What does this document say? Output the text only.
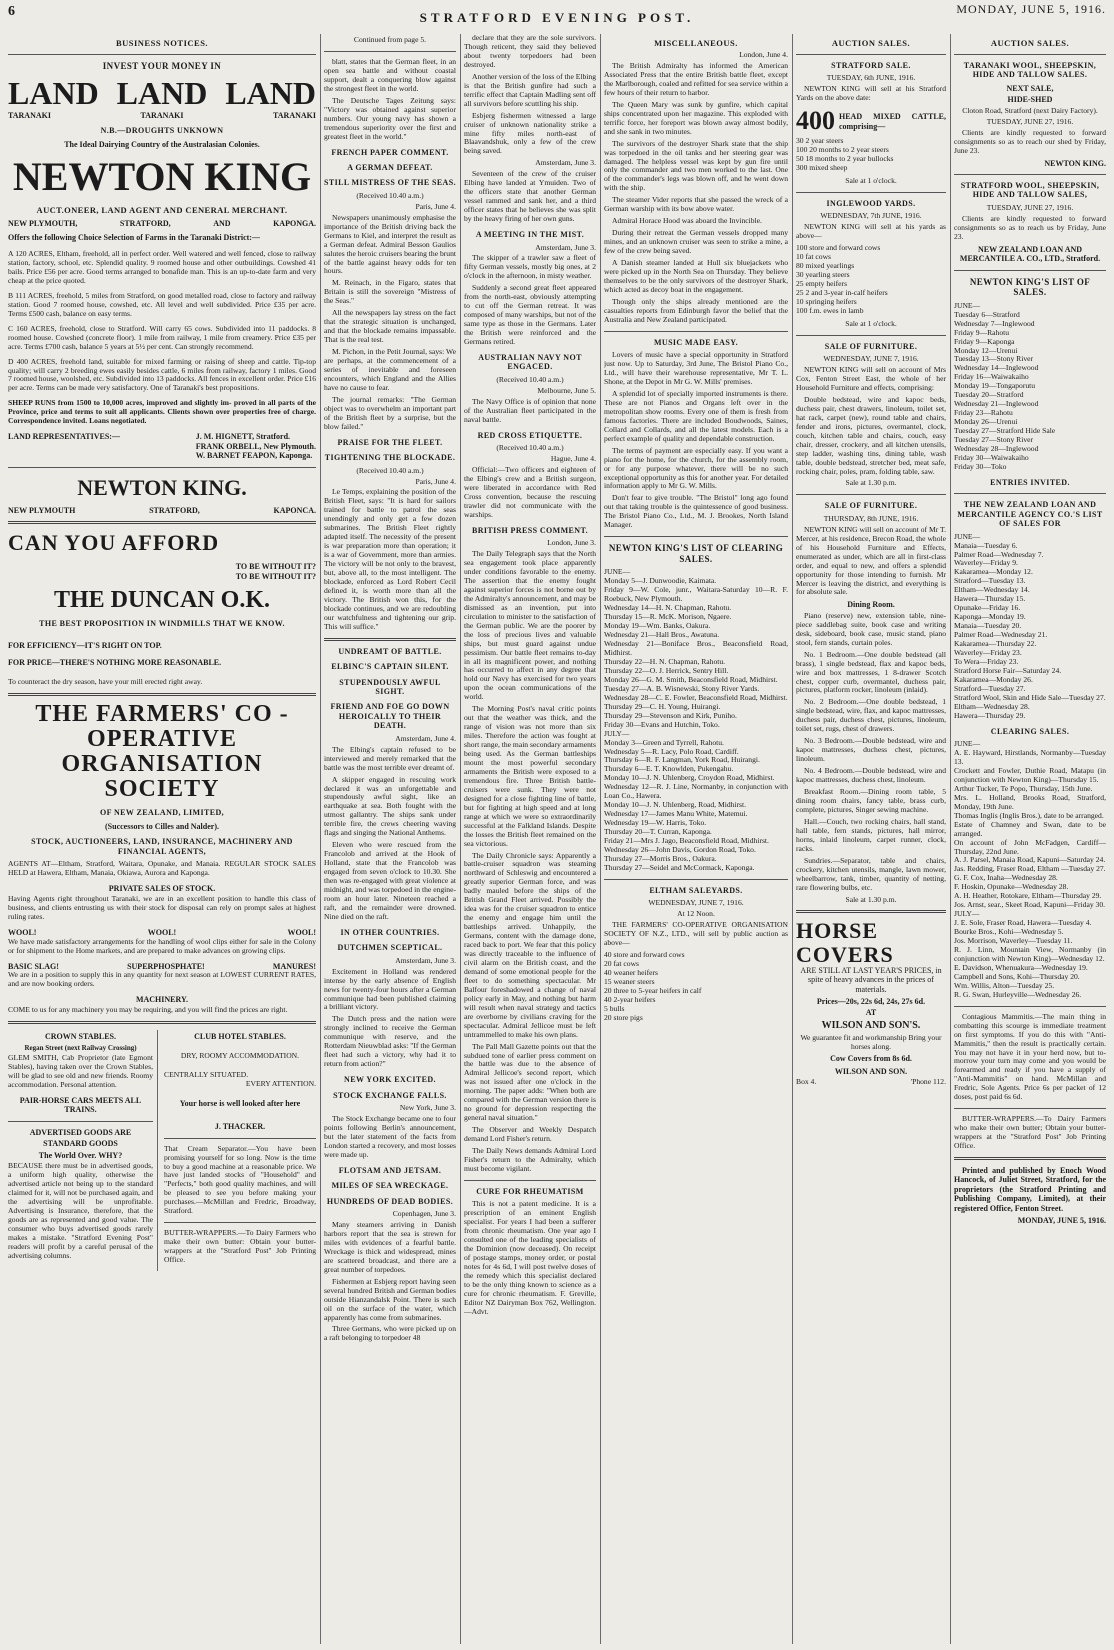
6	STRATFORD EVENING POST.
MONDAY, JUNE 5, 1916.
BUSINESS NOTICES.
INVEST YOUR MONEY IN
LAND LAND LAND
TARANAKI	TARANAKI	TARANAKI
N.B.—DROUGHTS UNKNOWN
The Ideal Dairying Country of the Australasian Colonies.
NEWTON KING
AUCT.ONEER, LAND AGENT AND CENERAL MERCHANT.
NEW PLYMOUTH,	STRATFORD,	AND	KAPONGA.
Offers the following Choice Selection of Farms in the Taranaki District:—

A 120 ACRES, Eltham, freehold, all in perfect order. Well watered and well fenced, close to railway station, factory, school, etc. Splendid quality. 9 roomed house and other outbuildings. Cowshed 41 bails. Price £56 per acre. Good terms arranged to bonafide man. This is an up-to-date farm and very cheap at the price quoted.

B 111 ACRES, freehold, 5 miles from Stratford, on good metalled road, close to factory and railway station. Good 7 roomed house, cowshed, etc. All level and well subdivided. Price £35 per acre. Terms £500 cash, balance on easy terms.

C 160 ACRES, freehold, close to Stratford. Will carry 65 cows. Subdivided into 11 paddocks. 8 roomed house. Cowshed (concrete floor). 1 mile from railway, 1 mile from creamery. Price £35 per acre. Terms £700 cash, balance 5 years at 5½ per cent. Can strongly recommend.

D 400 ACRES, freehold land, suitable for mixed farming or raising of sheep and cattle. Tip-top quality; will carry 2 breeding ewes easily besides cattle, 6 miles from railway, factory 1 miles. Good 7 roomed house, woolshed, etc. Subdivided into 13 paddocks. All fences in excellent order. Price £16 per acre. Terms can be made very satisfactory. One of Taranaki's best propositions.

SHEEP RUNS from 1500 to 10,000 acres, improved and slightly im- proved in all parts of the Province, price and terms to suit all applicants. Clients shown over properties free of charge. Correspondence invited. Loans negotiated.

LAND REPRESENTATIVES:—	J. M. HIGNETT, Stratford.
FRANK ORBELL, New Plymouth.
W. BARNET FEAPON, Kaponga.
NEWTON KING.
NEW PLYMOUTH	STRATFORD,	KAPONCA.
CAN YOU AFFORD
TO BE WITHOUT IT?
TO BE WITHOUT IT?
THE DUNCAN O.K.
THE BEST PROPOSITION IN WINDMILLS THAT WE KNOW.
FOR EFFICIENCY—IT'S RIGHT ON TOP.
FOR PRICE—THERE'S NOTHING MORE REASONABLE.

To counteract the dry season, have your mill erected right away.

THE FARMERS' CO - OPERATIVE ORGANISATION SOCIETY
OF NEW ZEALAND, LIMITED,
(Successors to Cilles and Nalder).
STOCK, AUCTIONEERS, LAND, INSURANCE, MACHINERY AND FINANCIAL AGENTS,

AGENTS AT—Eltham, Stratford, Waitara, Opunake, and Manaia. REGULAR STOCK SALES HELD at Hawera, Eltham, Manaia, Okiawa, Aurora and Kaponga.

PRIVATE SALES OF STOCK.

Having Agents right throughout Taranaki, we are in an excellent position to handle this class of business, and clients entrusting us with their stock for disposal can rely on prompt sales at highest ruling rates.

WOOL!	WOOL!	WOOL!

We have made satisfactory arrangements for the handling of wool clips either for sale in the Colony or for shipment to the Home markets, and are prepared to make advances on growing clips.

BASIC SLAG!	SUPERPHOSPHATE!	MANURES!

We are in a position to supply this in any quantity for next season at LOWEST CURRENT RATES, and are now booking orders.

MACHINERY.

COME to us for any machinery you may be requiring, and you will find the prices are right.

CROWN STABLES.
Regan Street (next Railway Crossing)

GLEM SMITH, Cab Proprietor (late Egmont Stables), having taken over the Crown Stables, will be glad to see old and new friends. Roomy accommodation. Personal attention.

PAIR-HORSE CARS MEETS ALL TRAINS.
ADVERTISED GOODS ARE
STANDARD GOODS
The World Over. WHY?

BECAUSE there must be in advertised goods, a uniform high quality, otherwise the advertised article not being up to the standard claimed for it, will not be purchased again, and the advertising will be unprofitable. Advertising is Insurance, therefore, that the goods are as represented and good value. The consumer who buys advertised goods rarely makes a mistake. "Stratford Evening Post" readers will profit by a careful perusal of the advertising columns.

CLUB HOTEL STABLES.
DRY, ROOMY ACCOMMODATION.
CENTRALLY SITUATED.
EVERY ATTENTION.
Your horse is well looked after here
J. THACKER.

That Cream Separator.—You have been promising yourself for so long. Now is the time to buy a good machine at a reasonable price. We have just landed stocks of "Household" and "Perfects," both good quality machines, and will be pleased to see you before making your purchases.—McMillan and Fredric, Broadway, Stratford.

BUTTER-WRAPPERS.—To Dairy Farmers who make their own butter: Obtain your butter-wrappers at the "Stratford Post" Job Printing Office.

Continued from page 5.

blatt, states that the German fleet, in an open sea battle and without coastal support, dealt a conquering blow against the strongest fleet in the world.

The Deutsche Tages Zeitung says: "Victory was obtained against superior numbers. Our young navy has shown a tremendous superiority over the first and greatest fleet in the world."

FRENCH PAPER COMMENT.
A GERMAN DEFEAT.
STILL MISTRESS OF THE SEAS.
(Received 10.40 a.m.)
Paris, June 4.

Newspapers unanimously emphasise the importance of the British driving back the Germans to Kiel, and interpret the result as a German defeat. Admiral Besson Gaulios salutes the heroic cruisers bearing the brunt of the battle against heavy odds for ten hours.

M. Reinach, in the Figaro, states that Britain is still the sovereign "Mistress of the Seas."

All the newspapers lay stress on the fact that the strategic situation is unchanged, and that the blockade remains impassable. That is the real test.

M. Pichon, in the Petit Journal, says: We are perhaps, at the commencement of a series of inevitable and foreseen encounters, which England and the Allies have no cause to fear.

The journal remarks: "The German object was to overwhelm an important part of the British fleet by a surprise, but the blow failed."

PRAISE FOR THE FLEET.
TIGHTENING THE BLOCKADE.
(Received 10.40 a.m.)
Paris, June 4.

Le Temps, explaining the position of the British Fleet, says: "It is hard for sailors trained for battle to patrol the seas unendingly and only get a few dozen submarines. The British Fleet rightly adapted itself. The necessity of the present is war preparation more than operation; it is a war of Government, more than armies. The victory will be not only to the bravest, but, above all, to the most intelligent. The blockade, enforced as Lord Robert Cecil defined it, is worth more than all the victory. The British won this, for the blockade continues, and we are redoubling our watchfulness and tightening our grip. This will suffice."

UNDREAMT OF BATTLE.
ELBINC'S CAPTAIN SILENT.
STUPENDOUSLY AWFUL SIGHT.
FRIEND AND FOE GO DOWN HEROICALLY TO THEIR DEATH.
Amsterdam, June 4.

The Elbing's captain refused to be interviewed and merely remarked that the battle was the most terrible ever dreamt of.

A skipper engaged in rescuing work declared it was an unforgettable and stupendously awful sight, like an earthquake at sea. Both fought with the utmost gallantry. The ships sank under terrible fire, the crews cheering waving flags and singing the National Anthems.

Eleven who were rescued from the Francolob and arrived at the Hook of Holland, state that the Francolob was engaged from seven o'clock to 10.30. She then was re-engaged with great violence at midnight, and was torpedoed in the engine-room an hour later. Nineteen reached a raft, and the remainder were drowned. Nine died on the raft.

IN OTHER COUNTRIES.
DUTCHMEN SCEPTICAL.
Amsterdam, June 3.

Excitement in Holland was rendered intense by the early absence of English news for twenty-four hours after a German communique had been published claiming a brilliant victory.

The Dutch press and the nation were strongly inclined to receive the German communique with reserve, and the Rotterdam Nieuwblad asks: "If the German fleet had such a victory, why had it to return from action?"

NEW YORK EXCITED.
STOCK EXCHANGE FALLS.
New York, June 3.

The Stock Exchange became one to four points following Berlin's announcement, but the later statement of the facts from London started a recovery, and most losses were made up.

FLOTSAM AND JETSAM.
MILES OF SEA WRECKAGE.
HUNDREDS OF DEAD BODIES.
Copenhagen, June 3.

Many steamers arriving in Danish harbors report that the sea is strewn for miles with evidences of a fearful battle. Wreckage is thick and widespread, mines are scattered broadcast, and there are a great number of torpedoes.

Fishermen at Esbjerg report having seen several hundred British and German bodies outside Hianzandalsk Point. There is such oil on the surface of the water, which apparently has come from submarines.

Three Germans, who were picked up on a raft belonging to torpedoer 48

declare that they are the sole survivors. Though reticent, they said they believed about twenty torpedoers had been destroyed.

Another version of the loss of the Elbing is that the British gunfire had such a terrific effect that Captain Madling sent off all survivors before scuttling his ship.

Esbjerg fishermen witnessed a large cruiser of unknown nationality strike a mine fifty miles north-east of Blaavandshuk, only a few of the crew being saved.

Amsterdam, June 3.

Seventeen of the crew of the cruiser Elbing have landed at Ymuiden. Two of the officers state that another German vessel rammed and sank her, and a third officer states that he believes she was split by the heavy firing of her own guns.

A MEETING IN THE MIST.
Amsterdam, June 3.

The skipper of a trawler saw a fleet of fifty German vessels, mostly big ones, at 2 o'clock in the afternoon, in misty weather.

Suddenly a second great fleet appeared from the north-east, obviously attempting to cut off the German retreat. It was composed of many warships, but not of the same type as those in the Germans. Later the British were reinforced and the Germans retired.

AUSTRALIAN NAVY NOT ENGACED.
(Received 10.40 a.m.)
Melbourne, June 5.

The Navy Office is of opinion that none of the Australian fleet participated in the naval battle.

RED CROSS ETIQUETTE.
(Received 10.40 a.m.)
Hague, June 4.

Official:—Two officers and eighteen of the Elbing's crew and a British surgeon, were liberated in accordance with Red Cross convention, because the rescuing trawler did not communicate with the warships.

BRITISH PRESS COMMENT.
London, June 3.

The Daily Telegraph says that the North sea engagement took place apparently under conditions favorable to the enemy. The assertion that the enemy fought against superior forces is not borne out by the Admiralty's announcement, and may be dismissed as an invention, put into circulation to minister to the satisfaction of the German public. We are the poorer by the loss of precious lives and valuable ships, but must guard against undue pessimism. Our battle fleet remains to-day in all its magnificent power, and nothing has occurred to affect in any degree that hold our Navy has exercised for two years upon the ocean communications of the world.

The Morning Post's naval critic points out that the weather was thick, and the range of vision was not more than six miles. Therefore the action was fought at short range, the main secondary armaments being used. As the German battleships mount the most powerful secondary armaments the British were exposed to a tremendous fire. Three British battle-cruisers were sunk. They were not designed for a close fighting line of battle, but for fighting at high speed and at long range at which we were so extraordinarily successful at the Falkland Islands. Despite the losses the British fleet remained on the sea victorious.

The Daily Chronicle says: Apparently a battle-cruiser squadron was steaming northward of Schleswig and encountered a greatly superior German force, and was badly mauled before the ships of the British Grand Fleet arrived. Possibly the idea was for the cruiser squadron to entice the enemy and engage him until the battleships arrived. Unhappily, the Germans, content with the damage done, raced back to port. We fear that this policy was directly traceable to the influence of civil alarm on the British coast, and the demand of some emotional people for the fleet to do something spectacular. Mr Balfour foreshadowed a change of naval policy early in May, and nothing but harm will result when naval strategy and tactics are overborne by civilians craving for the spectacular. Admiral Jellicoe must be left untrammelled to make his own plans.

The Pall Mall Gazette points out that the subdued tone of earlier press comment on the battle was due to the absence of Admiral Jellicoe's second report, which was not issued after one o'clock in the morning. The paper adds: "When both are compared with the German version there is no ground for depression respecting the general naval situation."

The Observer and Weekly Despatch demand Lord Fisher's return.

The Daily News demands Admiral Lord Fisher's return to the Admiralty, which must become vigilant.

CURE FOR RHEUMATISM

This is not a patent medicine. It is a prescription of an eminent English specialist. For years I had been a sufferer from chronic rheumatism. One year ago I consulted one of the leading specialists of the Dominion (now deceased). On receipt of postage stamps, money order, or postal notes for 4s 6d, I will post twelve doses of the remedy which this specialist declared to be the only thing known to science as a cure for chronic rheumatism. F. Greville, Editor NZ Dairyman Box 762, Wellington.—Advt.

MISCELLANEOUS.
London, June 4.

The British Admiralty has informed the American Associated Press that the entire British battle fleet, except the Marlborough, coaled and refitted for sea service within a few hours of their return to harbor.

The Queen Mary was sunk by gunfire, which capital ships concentrated upon her magazine. This exploded with terrific force, her foreport was blown away almost bodily, and she sank in two minutes.

The survivors of the destroyer Shark state that the ship was torpedoed in the oil tanks and her steering gear was damaged. The helpless vessel was kept by gun fire until only the commander and two men worked to the last. One of the commander's legs was blown off, and he went down with the ship.

The steamer Vider reports that she passed the wreck of a German warship with its bow above water.

Admiral Horace Hood was aboard the Invincible.

During their retreat the German vessels dropped many mines, and an unknown cruiser was seen to strike a mine, a few of the crew being saved.

A Danish steamer landed at Hull six bluejackets who were picked up in the North Sea on Thursday. They believe themselves to be the only survivors of the destroyer Shark, which acted as decoy boat in the engagement.

Though only the ships already mentioned are the casualties reports from Edinburgh favor the belief that the Australia and New Zealand participated.

MUSIC MADE EASY.

Lovers of music have a special opportunity in Stratford just now. Up to Saturday, 3rd June, The Bristol Piano Co., Ltd., will have their warehouse representative, Mr T. L. Shone, at the Depot in Mr G. W. Mills' premises.

A splendid lot of specially imported instruments is there. These are not Pianos and Organs left over in the metropolitan show rooms. Every one of them is fresh from famous factories. There are included Boudwoods, Saines, Collard and Collards, and all the latest models. Each is a perfect example of quality and dependable construction.

The terms of payment are especially easy. If you want a piano for the home, for the church, for the assembly room, or for any purpose whatever, there will be no such exceptional opportunity as this for another year. For detailed information apply to Mr G. W. Mills.

Don't fear to give trouble. "The Bristol" long ago found out that taking trouble is the quintessence of good business. The Bristol Piano Co., Ltd., M. J. Brookes, North Island Manager.

NEWTON KING'S LIST OF CLEARING SALES.
JUNE—
Monday 5—J. Dunwoodie, Kaimata.
Friday 9—W. Cole, junr., Waitara-Saturday 10—R. F. Roebuck, New Plymouth.
Wednesday 14—H. N. Chapman, Rahotu.
Thursday 15—R. McK. Morison, Ngaere.
Monday 19—Wm. Banks, Oakura.
Wednesday 21—Hall Bros., Awatuna.
Wednesday 21—Boniface Bros., Beaconsfield Road, Midhirst.
Thursday 22—H. N. Chapman, Rahotu.
Thursday 22—O. J. Herrick, Sentry Hill.
Monday 26—G. M. Smith, Beaconsfield Road, Midhirst.
Tuesday 27—A. B. Wisnewski, Stony River Yards.
Wednesday 28—C. E. Fowler, Beaconsfield Road, Midhirst.
Thursday 29—C. H. Young, Huirangi.
Thursday 29—Stevenson and Kirk, Puniho.
Friday 30—Evans and Hutchin, Toko.
JULY—
Monday 3—Green and Tyrrell, Rahotu.
Wednesday 5—R. Lacy, Polo Road, Cardiff.
Thursday 6—R. F. Langman, York Road, Huirangi.
Thursday 6—E. T. Knowlden, Pukengahu.
Monday 10—J. N. Uhlenberg, Croydon Road, Midhirst.
Wednesday 12—R. J. Line, Normanby, in conjunction with Loan Co., Hawera.
Monday 10—J. N. Uhlenberg, Road, Midhirst.
Wednesday 17—James Manu White, Matemui.
Wednesday 19—W. Harris, Toko.
Thursday 20—T. Curran, Kaponga.
Friday 21—Mrs J. Jago, Beaconsfield Road, Midhirst.
Wednesday 26—John Davis, Gordon Road, Toko.
Thursday 27—Morris Bros., Oakura.
Thursday 27—Seidel and McCormack, Kaponga.
ELTHAM SALEYARDS.
WEDNESDAY, JUNE 7, 1916.
At 12 Noon.

THE FARMERS' CO-OPERATIVE ORGANISATION SOCIETY OF N.Z., LTD., will sell by public auction as above—

40 store and forward cows
20 fat cows
40 weaner heifers
15 weaner steers
20 three to 5-year heifers in calf
40 2-year heifers
5 bulls
20 store pigs
AUCTION SALES.
STRATFORD SALE.
TUESDAY, 6th JUNE, 1916.

NEWTON KING will sell at his Stratford Yards on the above date:

400 HEAD MIXED CATTLE, comprising—
30 2 year steers
100 20 months to 2 year steers
50 18 months to 2 year bullocks
300 mixed sheep
Sale at 1 o'clock.
INGLEWOOD YARDS.
WEDNESDAY, 7th JUNE, 1916.

NEWTON KING will sell at his yards as above—

100 store and forward cows
10 fat cows
80 mixed yearlings
30 yearling steers
25 empty heifers
25 2 and 3-year in-calf heifers
10 springing heifers
100 f.m. ewes in lamb
Sale at 1 o'clock.
SALE OF FURNITURE.
WEDNESDAY, JUNE 7, 1916.

NEWTON KING will sell on account of Mrs Cox, Fenton Street East, the whole of her Household Furniture and effects, comprising:

Double bedstead, wire and kapoc beds, duchess pair, chest drawers, linoleum, toilet set, hat rack, carpet (new), round table and chairs, fender and irons, pictures, overmantel, clock, couch, kitchen table and chairs, couch, easy chair, dresser, crockery, and all kitchen utensils, step ladder, washing tins, dining table, wash table, double bedstead, stretcher bed, meat safe, rocking chair, poles, pram, folding table, saw.

Sale at 1.30 p.m.
SALE OF FURNITURE.
THURSDAY, 8th JUNE, 1916.

NEWTON KING will sell on account of Mr T. Mercer, at his residence, Brecon Road, the whole of his Household Furniture and Effects, enumerated as under, which are all in first-class order, and equal to new, and offers a splendid opportunity for those intending to furnish. Mr Mercer is leaving the district, and everything is for absolute sale.

Dining Room.

Piano (reserve) new, extension table, nine-piece saddlebag suite, book case and writing desk, sideboard, book case, music stand, piano stool, fern stands, curtain poles.

No. 1 Bedroom.—One double bedstead (all brass), 1 single bedstead, flax and kapoc beds, wire and box mattresses, 1 8-drawer Scotch chest, copper curb, overmantel, duchess pair, pictures, platform rocker, linoleum (inlaid).

No. 2 Bedroom.—One double bedstead, 1 single bedstead, wire, flax, and kapoc mattresses, duchess pair, duchess chest, pictures, linoleum, toilet set, rugs, chest of drawers.

No. 3 Bedroom.—Double bedstead, wire and kapoc mattresses, duchess chest, pictures, linoleum.

No. 4 Bedroom.—Double bedstead, wire and kapoc mattresses, duchess chest, linoleum.

Breakfast Room.—Dining room table, 5 dining room chairs, fancy table, brass curb, complete, pictures, Singer sewing machine.

Hall.—Couch, two rocking chairs, hall stand, hall table, fern stands, pictures, hall mirror, horns, inlaid linoleum, carpet runner, clock, racks.

Sundries.—Separator, table and chairs, crockery, kitchen utensils, mangle, lawn mower, wheelbarrow, tank, timber, quantity of netting, rare flowering bulbs, etc.

Sale at 1.30 p.m.
HORSE COVERS

ARE STILL AT LAST YEAR'S PRICES, in spite of heavy advances in the prices of materials.

Prices—20s, 22s 6d, 24s, 27s 6d.
AT
WILSON AND SON'S.
We guarantee fit and workmanship Bring your horses along.
Cow Covers from 8s 6d.
WILSON AND SON.
Box 4.	'Phone 112.
AUCTION SALES.
TARANAKI WOOL, SHEEPSKIN, HIDE AND TALLOW SALES.
NEXT SALE,
HIDE-SHED
Cloton Road, Stratford (next Dairy Factory).
TUESDAY, JUNE 27, 1916.

Clients are kindly requested to forward consignments so as to reach our shed by Friday, June 23.

NEWTON KING.
STRATFORD WOOL, SHEEPSKIN, HIDE AND TALLOW SALES,
TUESDAY, JUNE 27, 1916.

Clients are kindly requested to forward consignments so as to reach us by Friday, June 23.

NEW ZEALAND LOAN AND MERCANTILE A. CO., LTD., Stratford.
NEWTON KING'S LIST OF SALES.
JUNE—
Tuesday 6—Stratford
Wednesday 7—Inglewood
Friday 9—Rahotu
Friday 9—Kaponga
Monday 12—Urenui
Tuesday 13—Stony River
Wednesday 14—Inglewood
Friday 16—Waiwakaiho
Monday 19—Tongaporutu
Tuesday 20—Stratford
Wednesday 21—Inglewood
Friday 23—Rahotu
Monday 26—Urenui
Tuesday 27—Stratford Hide Sale
Tuesday 27—Stony River
Wednesday 28—Inglewood
Friday 30—Waiwakaiho
Friday 30—Toko
ENTRIES INVITED.
THE NEW ZEALAND LOAN AND MERCANTILE AGENCY CO.'S LIST OF SALES FOR
JUNE—
Manaia—Tuesday 6.
Palmer Road—Wednesday 7.
Waverley—Friday 9.
Kakaramea—Monday 12.
Stratford—Tuesday 13.
Eltham—Wednesday 14.
Hawera—Thursday 15.
Opunake—Friday 16.
Kaponga—Monday 19.
Manaia—Tuesday 20.
Palmer Road—Wednesday 21.
Kakaramea—Thursday 22.
Waverley—Friday 23.
To Wera—Friday 23.
Stratford Horse Fair—Saturday 24.
Kakaramea—Monday 26.
Stratford—Tuesday 27.
Stratford Wool, Skin and Hide Sale—Tuesday 27.
Eltham—Wednesday 28.
Hawera—Thursday 29.
CLEARING SALES.
JUNE—
A. E. Hayward, Hirstlands, Normanby—Tuesday 13.
Crockett and Fowler, Duthie Road, Matapu (in conjunction with Newton King)—Thursday 15.
Arthur Tucker, Te Popo, Thursday, 15th June.
Mrs. L. Holland, Brooks Road, Stratford, Monday, 19th June.
Thomas Inglis (Inglis Bros.), date to be arranged.
Estate of Chamney and Swan, date to be arranged.
On account of John McFadgen, Cardiff—Thursday, 22nd June.
A. J. Parsel, Manaia Road, Kapuni—Saturday 24.
Jas. Redding, Fraser Road, Eltham —Tuesday 27.
G. F. Cox, Inaha—Wednesday 28.
F. Hoskin, Opunake—Wednesday 28.
A. H. Heather, Rotokare, Eltham—Thursday 29.
Jos. Arnst, sear., Skeet Road, Kapuni—Friday 30.
JULY—
J. E. Sole, Fraser Road, Hawera—Tuesday 4.
Bourke Bros., Kohi—Wednesday 5.
Jos. Morrison, Waverley—Tuesday 11.
R. J. Linn, Mountain View, Normanby (in conjunction with Newton King)—Wednesday 12.
E. Davidson, Whenuakura—Wednesday 19.
Campbell and Sons, Kohi—Thursday 20.
Wm. Willis, Alton—Tuesday 25.
R. G. Swan, Hurleyville—Wednesday 26.

Contagious Mammitis.—The main thing in combatting this scourge is immediate treatment on first symptoms. If you do this with "Anti-Mammitis," then the result is practically certain. You may not have it in your herd now, but to-morrow your turn may come and you would be forearmed and ready if you have a supply of "Anti-Mammitis" on hand. McMillan and Fredric, Sole Agents. Price 6s per packet of 12 doses, post paid 6s 6d.

BUTTER-WRAPPERS.—To Dairy Farmers who make their own butter; Obtain your butter-wrappers at the "Stratford Post" Job Printing Office.

Printed and published by Enoch Wood Hancock, of Juliet Street, Stratford, for the proprietors (the Stratford Printing and Publishing Company, Limited), at their registered Office, Fenton Street.

MONDAY, JUNE 5, 1916.
